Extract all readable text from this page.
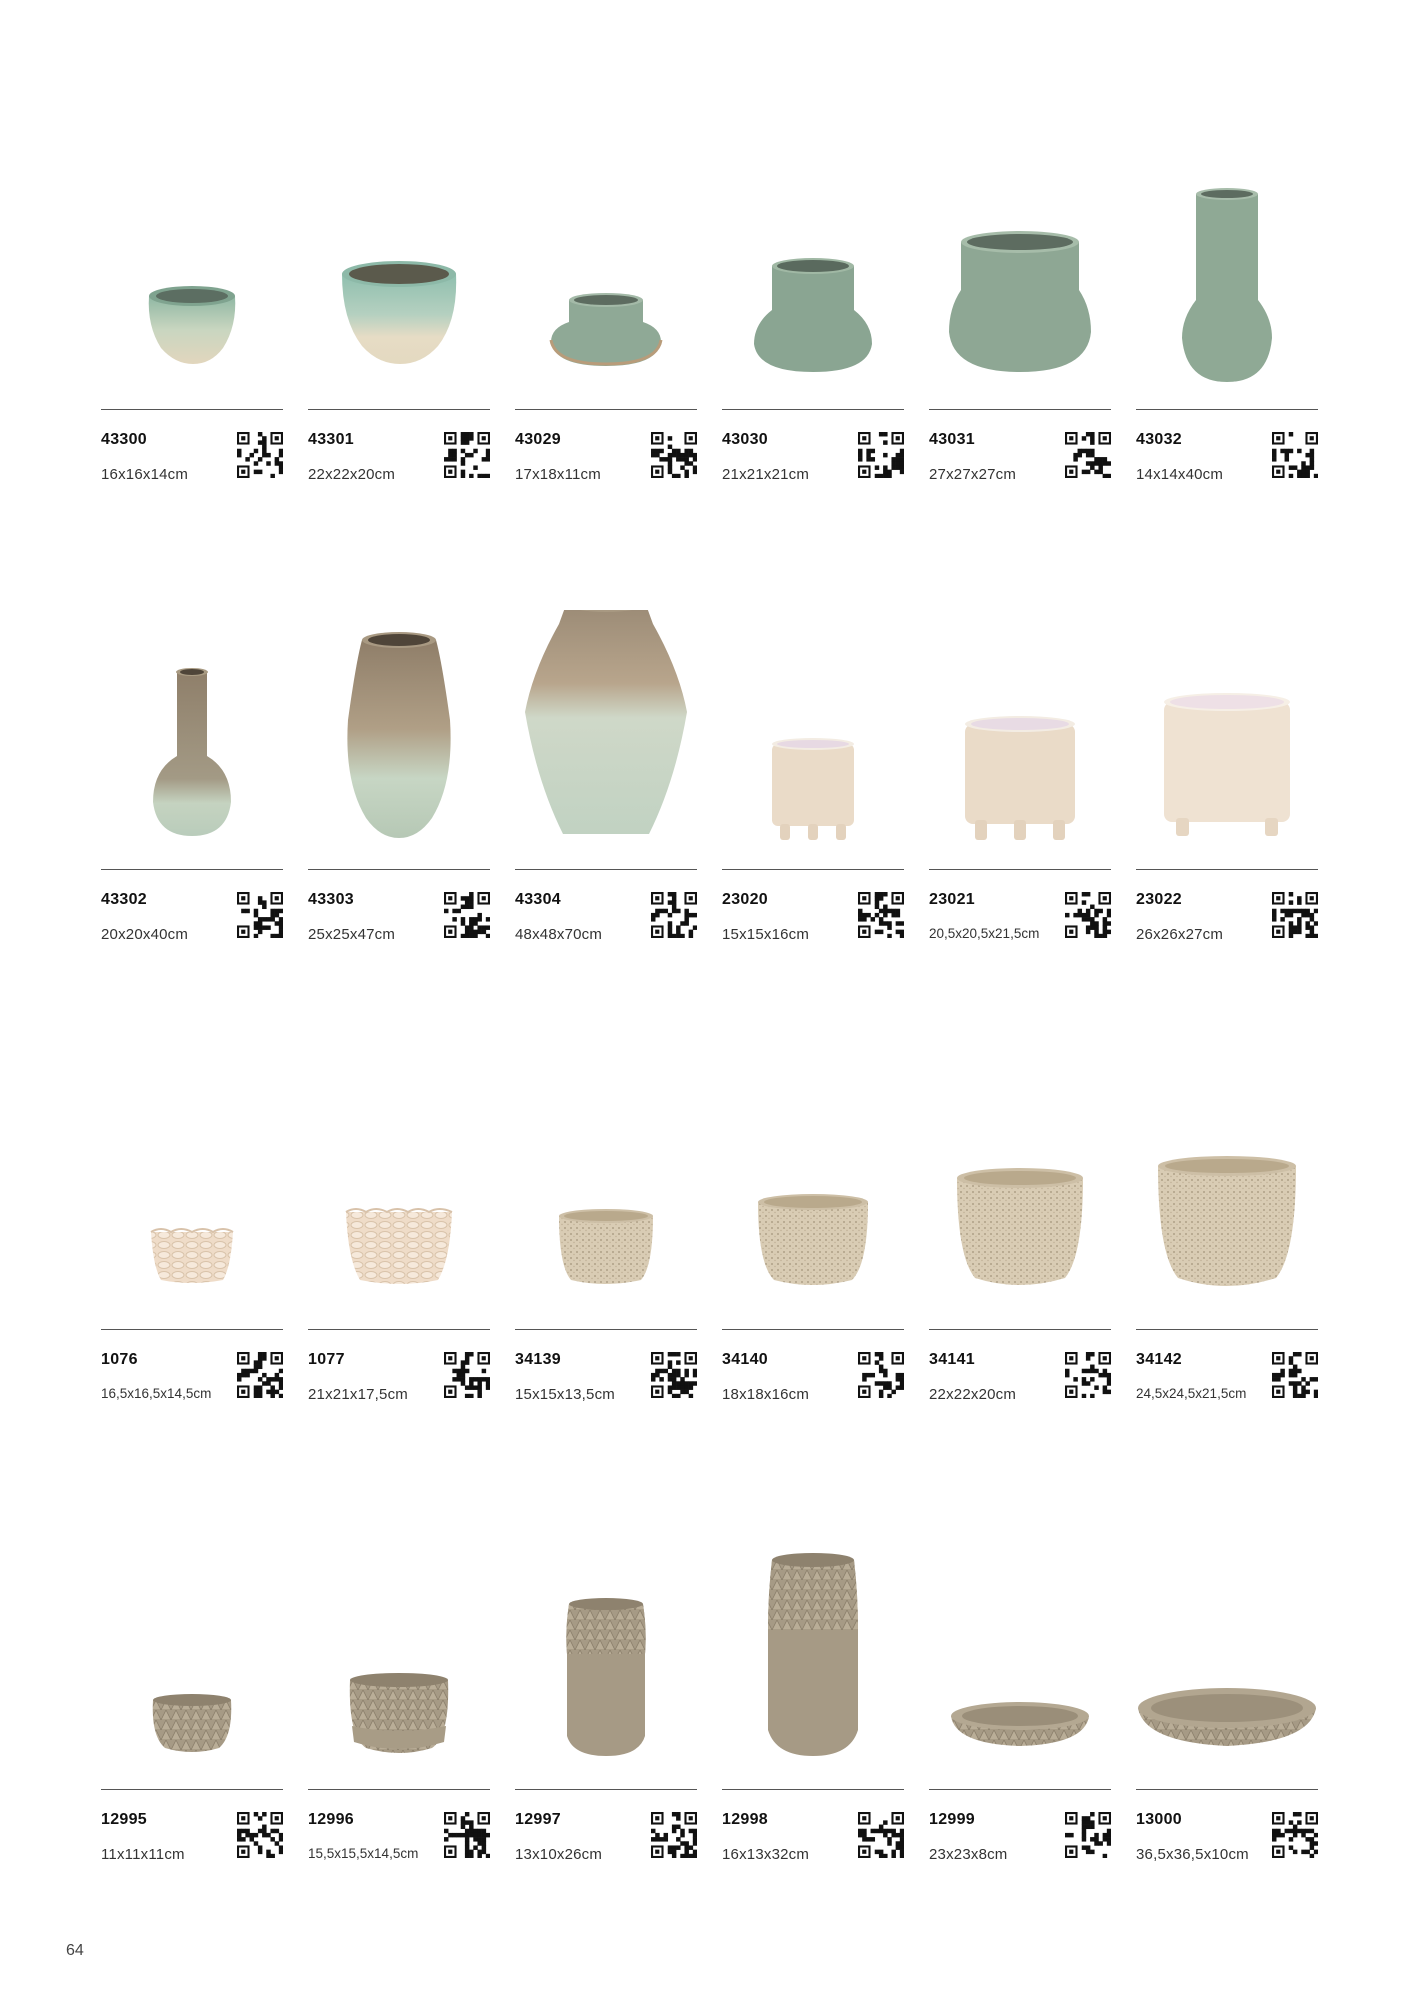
43300
16x16x14cm
43301
22x22x20cm
43029
17x18x11cm
43030
21x21x21cm
43031
27x27x27cm
43032
14x14x40cm
43302
20x20x40cm
43303
25x25x47cm
43304
48x48x70cm
23020
15x15x16cm
23021
20,5x20,5x21,5cm
23022
26x26x27cm
1076
16,5x16,5x14,5cm
1077
21x21x17,5cm
34139
15x15x13,5cm
34140
18x18x16cm
34141
22x22x20cm
34142
24,5x24,5x21,5cm
12995
11x11x11cm
12996
15,5x15,5x14,5cm
12997
13x10x26cm
12998
16x13x32cm
12999
23x23x8cm
13000
36,5x36,5x10cm
64
